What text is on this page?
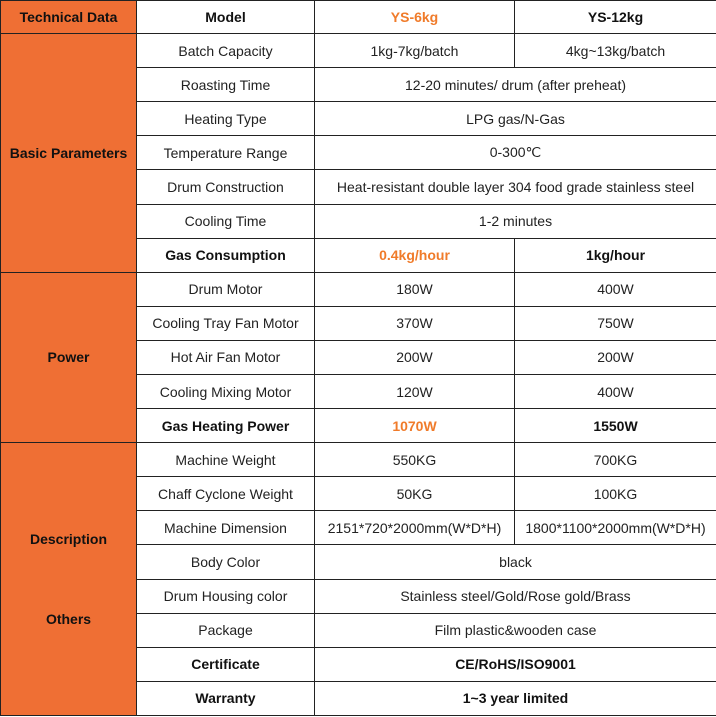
Technical Data	Model	YS-6kg	YS-12kg
Basic Parameters	Batch Capacity	1kg-7kg/batch	4kg~13kg/batch
	Roasting Time	12-20 minutes/ drum (after preheat)	
	Heating Type	LPG gas/N-Gas	
	Temperature Range	0-300℃	
	Drum Construction	Heat-resistant double layer 304 food grade stainless steel	
	Cooling Time	1-2 minutes	
	Gas Consumption	0.4kg/hour	1kg/hour
Power	Drum Motor	180W	400W
	Cooling Tray Fan Motor	370W	750W
	Hot Air Fan Motor	200W	200W
	Cooling Mixing Motor	120W	400W
	Gas Heating Power	1070W	1550W

Description

Others	Machine Weight	550KG	700KG
	Chaff Cyclone Weight	50KG	100KG
	Machine Dimension	2151*720*2000mm(W*D*H)	1800*1100*2000mm(W*D*H)
	Body Color	black	
	Drum Housing color	Stainless steel/Gold/Rose gold/Brass	
	Package	Film plastic&wooden case	
	Certificate	CE/RoHS/ISO9001	
	Warranty	1~3 year limited	
